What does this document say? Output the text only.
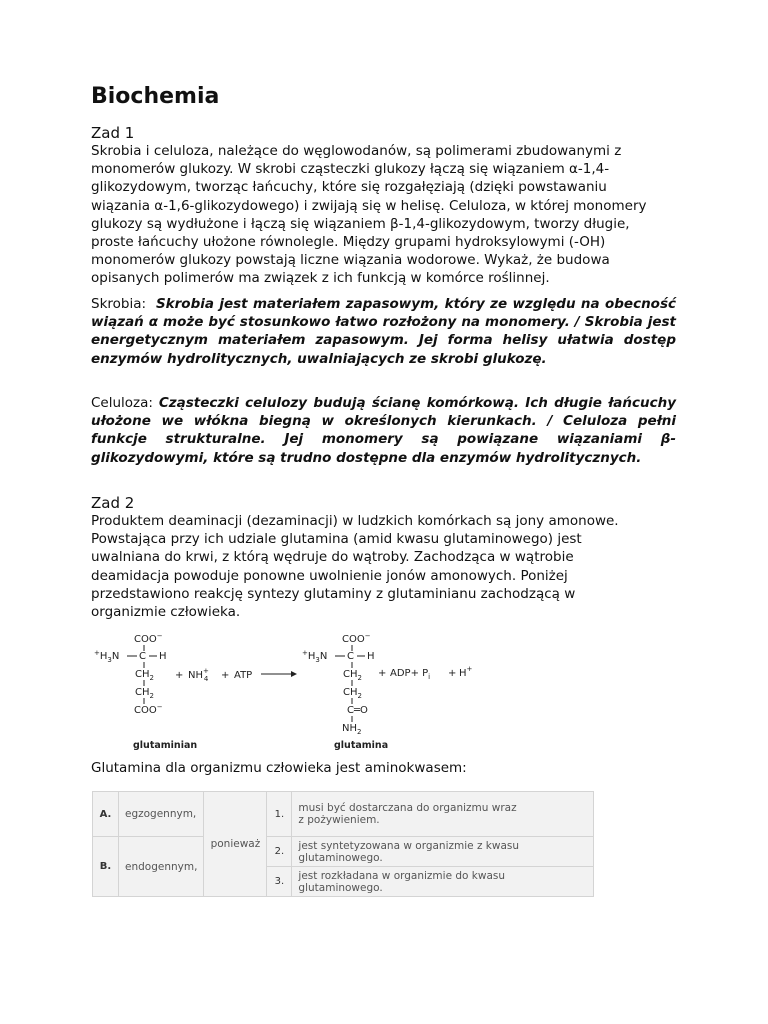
Biochemia
Zad 1
Skrobia i celuloza, należące do węglowodanów, są polimerami zbudowanymi z
monomerów glukozy. W skrobi cząsteczki glukozy łączą się wiązaniem α-1,4-
glikozydowym, tworząc łańcuchy, które się rozgałęziają (dzięki powstawaniu
wiązania α-1,6-glikozydowego) i zwijają się w helisę. Celuloza, w której monomery
glukozy są wydłużone i łączą się wiązaniem β-1,4-glikozydowym, tworzy długie,
proste łańcuchy ułożone równolegle. Między grupami hydroksylowymi (-OH)
monomerów glukozy powstają liczne wiązania wodorowe. Wykaż, że budowa
opisanych polimerów ma związek z ich funkcją w komórce roślinnej.
Skrobia: Skrobia jest materiałem zapasowym, który ze względu na obecność wiązań α może być stosunkowo łatwo rozłożony na monomery. / Skrobia jest energetycznym materiałem zapasowym. Jej forma helisy ułatwia dostęp enzymów hydrolitycznych, uwalniających ze skrobi glukozę.
Celuloza: Cząsteczki celulozy budują ścianę komórkową. Ich długie łańcuchy ułożone we włókna biegną w określonych kierunkach. / Celuloza pełni funkcje strukturalne. Jej monomery są powiązane wiązaniami β-glikozydowymi, które są trudno dostępne dla enzymów hydrolitycznych.
Zad 2
Produktem deaminacji (dezaminacji) w ludzkich komórkach są jony amonowe.
Powstająca przy ich udziale glutamina (amid kwasu glutaminowego) jest
uwalniana do krwi, z którą wędruje do wątroby. Zachodząca w wątrobie
deamidacja powoduje ponowne uwolnienie jonów amonowych. Poniżej
przedstawiono reakcję syntezy glutaminy z glutaminianu zachodzącą w
organizmie człowieka.
COO−
$^+H_3N$ C H
$CH_2$
$CH_2$
COO−
glutaminian
+ NH+ 4 + ATP
COO−
$^+H_3N$ C H
$CH_2$
$CH_2$
C═O
$NH_2$
glutamina
+ $ADP+ P_i + H^+$
Glutamina dla organizmu człowieka jest aminokwasem:
A.	egzogennym,	ponieważ	1.	musi być dostarczana do organizmu wraz
z pożywieniem.

B.	endogennym,		2.	jest syntetyzowana w organizmie z kwasu glutaminowego.
			3.	jest rozkładana w organizmie do kwasu glutaminowego.
